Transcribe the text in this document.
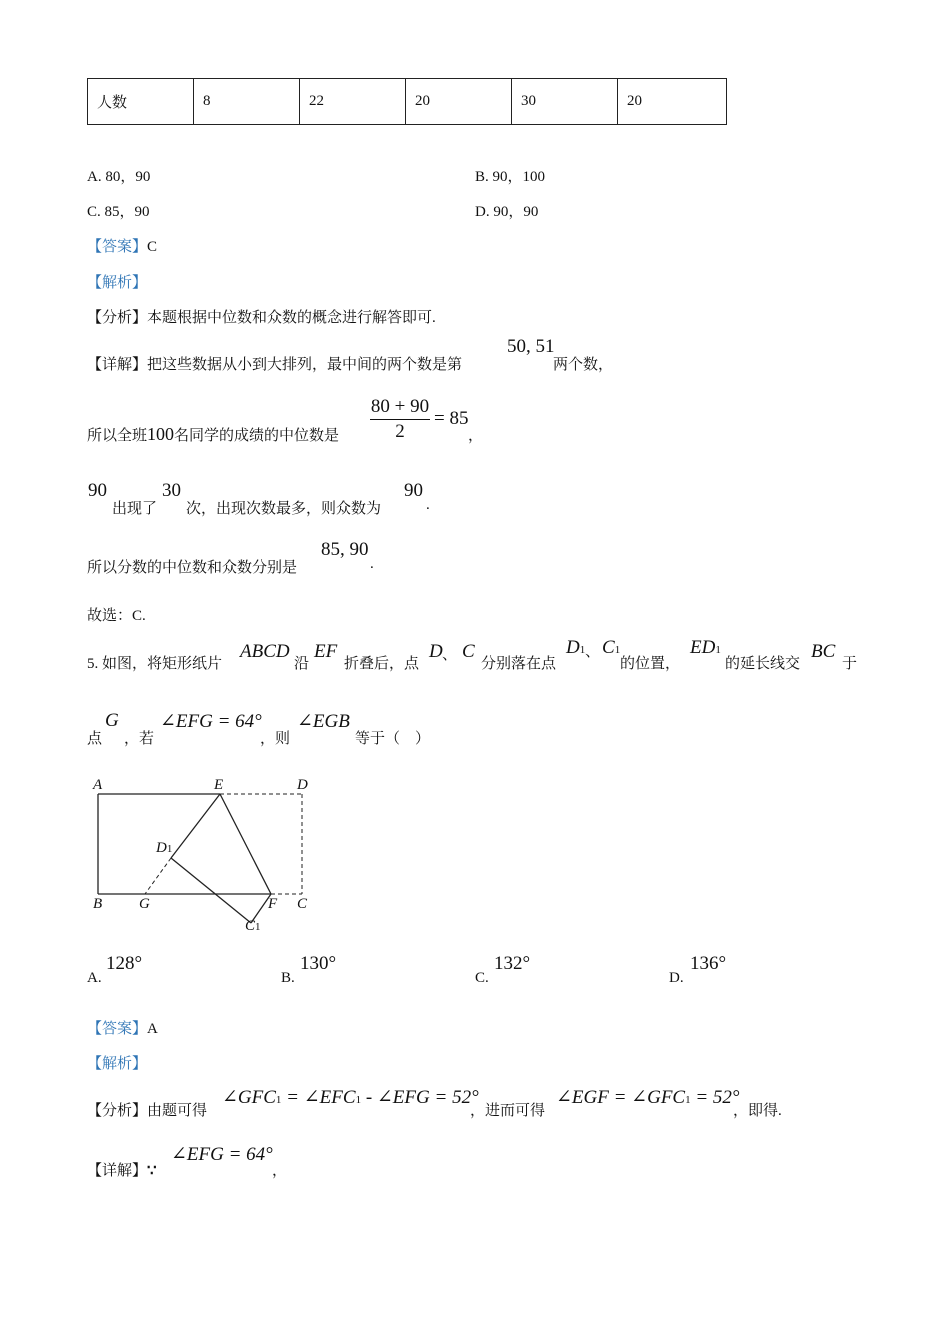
人数	8	22	20	30	20
A. 80，90	B. 90，100
C. 85，90	D. 90，90
【答案】C
【解析】
【分析】本题根据中位数和众数的概念进行解答即可.
【详解】把这些数据从小到大排列，最中间的两个数是第
50, 51
两个数，
所以全班100名同学的成绩的中位数是 $\frac{80 + 90}{2} = 85$
，
90
出现了
30
次，出现次数最多，则众数为
90
.
所以分数的中位数和众数分别是
85, 90
.
故选：C.
5. 如图，将矩形纸片
ABCD
沿
EF
折叠后，点
D 、 C
分别落在点
D1 、 C1
的位置，
ED1
的延长线交
BC
于
点
G
，若
∠EFG = 64°
，则
∠EGB
等于（　）
A	E	D
D1
B G	F C
C1
A.
128°
B.
130°
C.
132°
D.
136°
【答案】A
【解析】
【分析】由题可得
∠GFC1 = ∠EFC1 - ∠EFG = 52°
，进而可得
∠EGF = ∠GFC1 = 52°
，即得.
【详解】∵
∠EFG = 64°
，
